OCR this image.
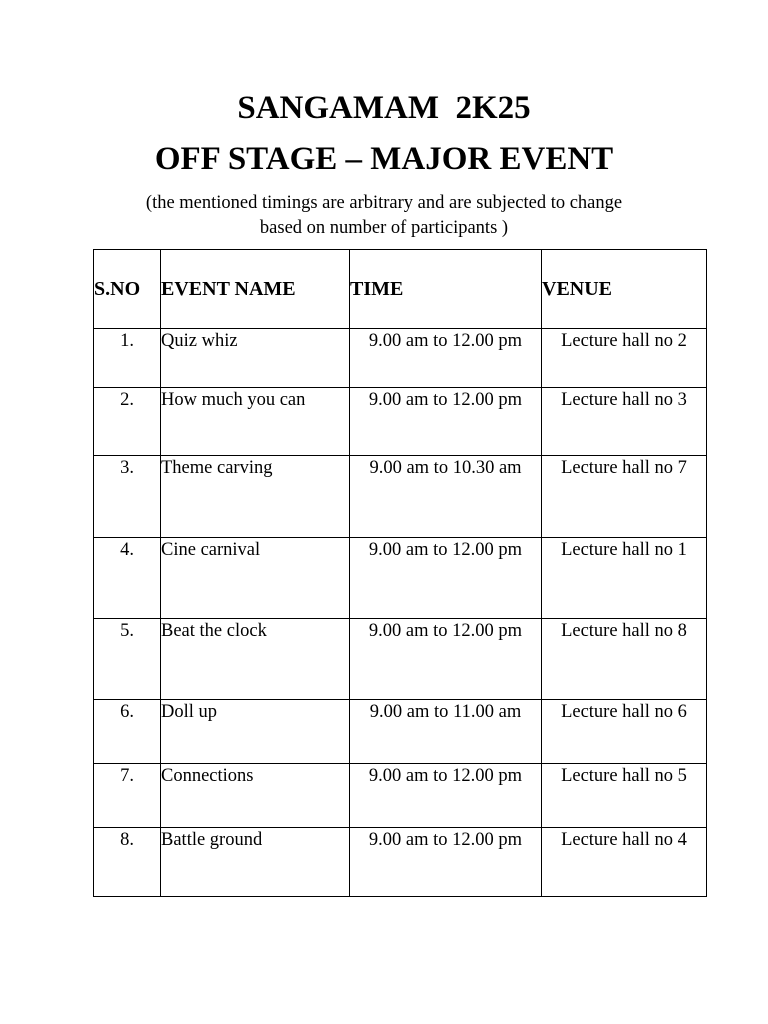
SANGAMAM  2K25
OFF STAGE – MAJOR EVENT
(the mentioned timings are arbitrary and are subjected to change
based on number of participants )
S.NO	EVENT NAME	TIME	VENUE
1.	Quiz whiz	9.00 am to 12.00 pm	Lecture hall no 2
2.	How much you can	9.00 am to 12.00 pm	Lecture hall no 3
3.	Theme carving	9.00 am to 10.30 am	Lecture hall no 7
4.	Cine carnival	9.00 am to 12.00 pm	Lecture hall no 1
5.	Beat the clock	9.00 am to 12.00 pm	Lecture hall no 8
6.	Doll up	9.00 am to 11.00 am	Lecture hall no 6
7.	Connections	9.00 am to 12.00 pm	Lecture hall no 5
8.	Battle ground	9.00 am to 12.00 pm	Lecture hall no 4
